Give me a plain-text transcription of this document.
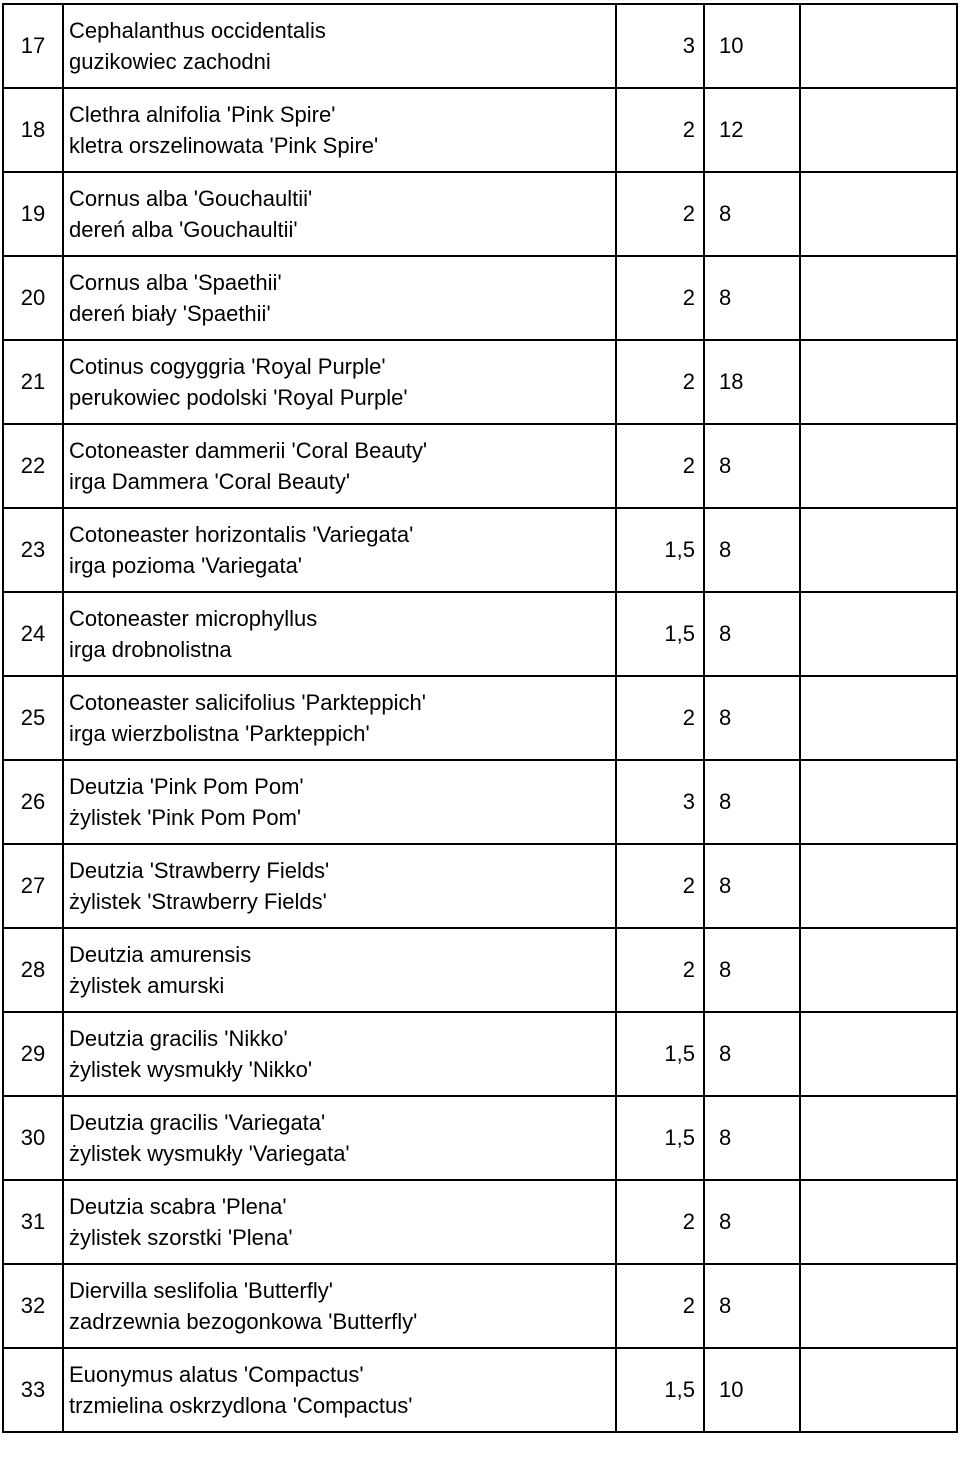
17	Cephalanthus occidentalis
guzikowiec zachodni	3	10	
18	Clethra alnifolia 'Pink Spire'
kletra orszelinowata 'Pink Spire'	2	12	
19	Cornus alba 'Gouchaultii'
dereń alba 'Gouchaultii'	2	8	
20	Cornus alba 'Spaethii'
dereń biały 'Spaethii'	2	8	
21	Cotinus cogyggria 'Royal Purple'
perukowiec podolski 'Royal Purple'	2	18	
22	Cotoneaster dammerii 'Coral Beauty'
irga Dammera 'Coral Beauty'	2	8	
23	Cotoneaster horizontalis 'Variegata'
irga pozioma 'Variegata'	1,5	8	
24	Cotoneaster microphyllus
irga drobnolistna	1,5	8	
25	Cotoneaster salicifolius 'Parkteppich'
irga wierzbolistna 'Parkteppich'	2	8	
26	Deutzia 'Pink Pom Pom'
żylistek 'Pink Pom Pom'	3	8	
27	Deutzia 'Strawberry Fields'
żylistek 'Strawberry Fields'	2	8	
28	Deutzia amurensis
żylistek amurski	2	8	
29	Deutzia gracilis 'Nikko'
żylistek wysmukły 'Nikko'	1,5	8	
30	Deutzia gracilis 'Variegata'
żylistek wysmukły 'Variegata'	1,5	8	
31	Deutzia scabra 'Plena'
żylistek szorstki 'Plena'	2	8	
32	Diervilla seslifolia 'Butterfly'
zadrzewnia bezogonkowa 'Butterfly'	2	8	
33	Euonymus alatus 'Compactus'
trzmielina oskrzydlona 'Compactus'	1,5	10	
